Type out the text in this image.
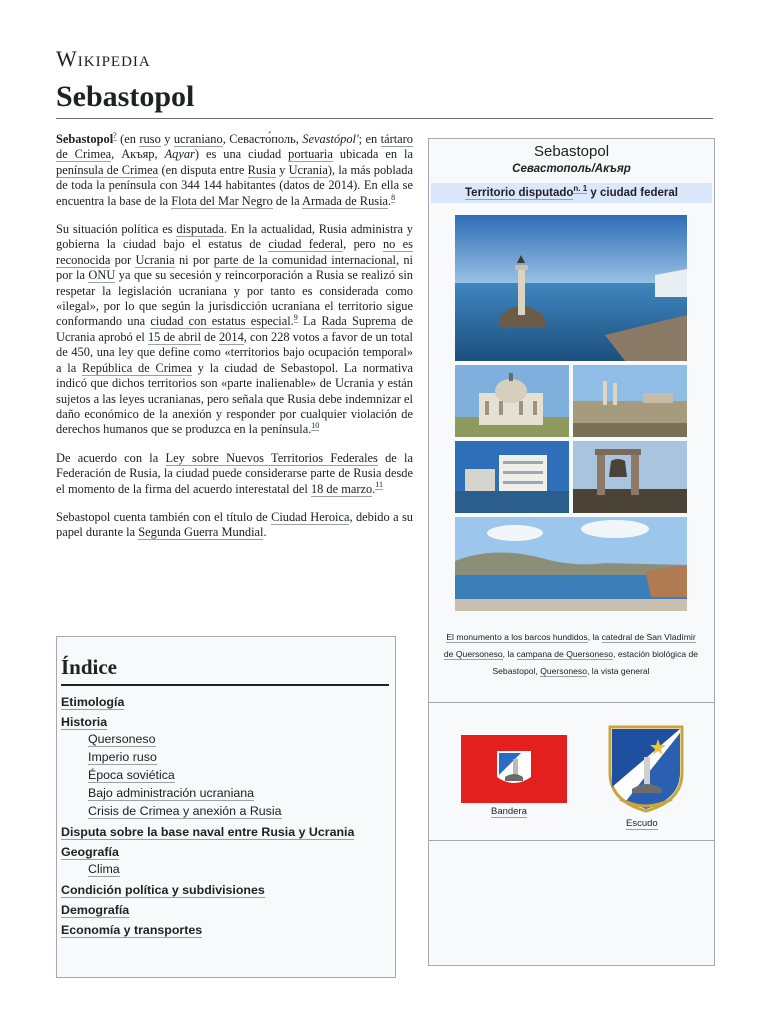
Wikipedia
Sebastopol

Sebastopol? (en ruso y ucraniano, Севасто́поль, Sevastópol'; en tártaro de Crimea, Акъяр, Aqyar) es una ciudad portuaria ubicada en la península de Crimea (en disputa entre Rusia y Ucrania), la más poblada de toda la península con 344 144 habitantes (datos de 2014). En ella se encuentra la base de la Flota del Mar Negro de la Armada de Rusia.$^8$

Su situación política es disputada. En la actualidad, Rusia administra y gobierna la ciudad bajo el estatus de ciudad federal, pero no es reconocida por Ucrania ni por parte de la comunidad internacional, ni por la ONU ya que su secesión y reincorporación a Rusia se realizó sin respetar la legislación ucraniana y por tanto es considerada como «ilegal», por lo que según la jurisdicción ucraniana el territorio sigue conformando una ciudad con estatus especial.$^9$ La Rada Suprema de Ucrania aprobó el 15 de abril de 2014, con 228 votos a favor de un total de 450, una ley que define como «territorios bajo ocupación temporal» a la República de Crimea y la ciudad de Sebastopol. La normativa indicó que dichos territorios son «parte inalienable» de Ucrania y están sujetos a las leyes ucranianas, pero señala que Rusia debe indemnizar el daño económico de la anexión y responder por cualquier violación de derechos humanos que se produzca en la península.$^{10}$

De acuerdo con la Ley sobre Nuevos Territorios Federales de la Federación de Rusia, la ciudad puede considerarse parte de Rusia desde el momento de la firma del acuerdo interestatal del 18 de marzo.$^{11}$

Sebastopol cuenta también con el título de Ciudad Heroica, debido a su papel durante la Segunda Guerra Mundial.

Sebastopol
Севастополь/Акъяр
Territorio disputado$^{n. 1}$ y ciudad federal
El monumento a los barcos hundidos, la catedral de San Vladímir de Quersoneso, la campana de Quersoneso, estación biológica de Sebastopol, Quersoneso, la vista general
Bandera
Escudo
Índice
Etimología
Historia
Quersoneso
Imperio ruso
Época soviética
Bajo administración ucraniana
Crisis de Crimea y anexión a Rusia
Disputa sobre la base naval entre Rusia y Ucrania
Geografía
Clima
Condición política y subdivisiones
Demografía
Economía y transportes
